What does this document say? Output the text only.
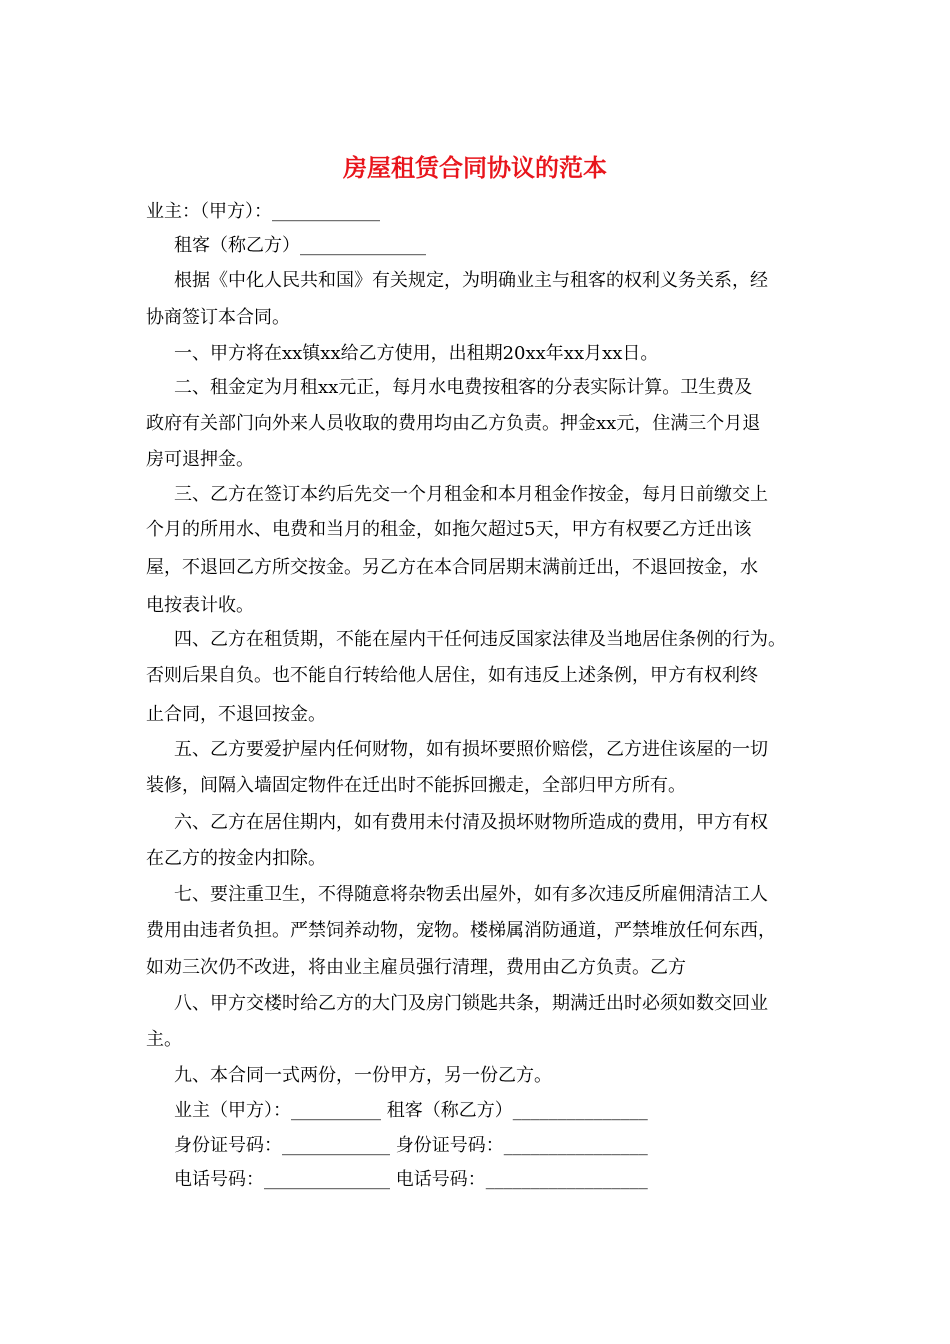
房屋租赁合同协议的范本
业主：（甲方）：____________
租客（称乙方）______________
根据《中化人民共和国》有关规定，为明确业主与租客的权利义务关系，经
协商签订本合同。
一、甲方将在xx镇xx给乙方使用，出租期20xx年xx月xx日。
二、租金定为月租xx元正，每月水电费按租客的分表实际计算。卫生费及
政府有关部门向外来人员收取的费用均由乙方负责。押金xx元，住满三个月退
房可退押金。
三、乙方在签订本约后先交一个月租金和本月租金作按金，每月日前缴交上
个月的所用水、电费和当月的租金，如拖欠超过5天，甲方有权要乙方迁出该
屋，不退回乙方所交按金。另乙方在本合同居期末满前迁出，不退回按金，水
电按表计收。
四、乙方在租赁期，不能在屋内干任何违反国家法律及当地居住条例的行为。
否则后果自负。也不能自行转给他人居住，如有违反上述条例，甲方有权利终
止合同，不退回按金。
五、乙方要爱护屋内任何财物，如有损坏要照价赔偿，乙方进住该屋的一切
装修，间隔入墙固定物件在迁出时不能拆回搬走，全部归甲方所有。
六、乙方在居住期内，如有费用未付清及损坏财物所造成的费用，甲方有权
在乙方的按金内扣除。
七、要注重卫生，不得随意将杂物丢出屋外，如有多次违反所雇佣清洁工人
费用由违者负担。严禁饲养动物，宠物。楼梯属消防通道，严禁堆放任何东西，
如劝三次仍不改进，将由业主雇员强行清理，费用由乙方负责。乙方
八、甲方交楼时给乙方的大门及房门锁匙共条，期满迁出时必须如数交回业
主。
九、本合同一式两份，一份甲方，另一份乙方。
业主（甲方）：__________ 租客（称乙方）_______________
身份证号码：____________ 身份证号码：________________
电话号码：______________ 电话号码：__________________
